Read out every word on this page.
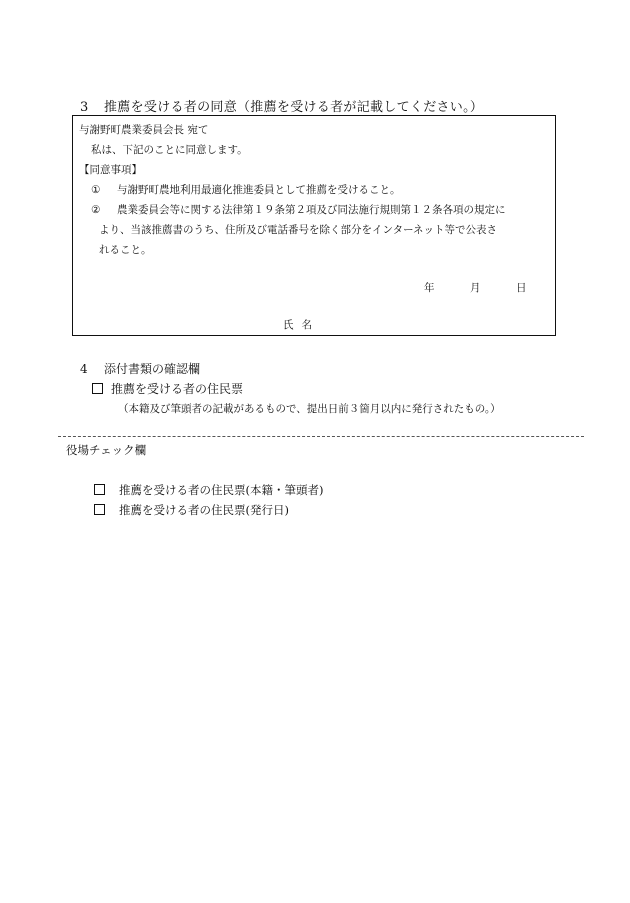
3 推薦を受ける者の同意（推薦を受ける者が記載してください。）
与謝野町農業委員会長 宛て
私は、下記のことに同意します。
【同意事項】
① 与謝野町農地利用最適化推進委員として推薦を受けること。
② 農業委員会等に関する法律第１９条第２項及び同法施行規則第１２条各項の規定に
より、当該推薦書のうち、住所及び電話番号を除く部分をインターネット等で公表さ
れること。
年	月	日
氏名
4 添付書類の確認欄
推薦を受ける者の住民票
（本籍及び筆頭者の記載があるもので、提出日前３箇月以内に発行されたもの。）
役場チェック欄
推薦を受ける者の住民票(本籍・筆頭者)
推薦を受ける者の住民票(発行日)
